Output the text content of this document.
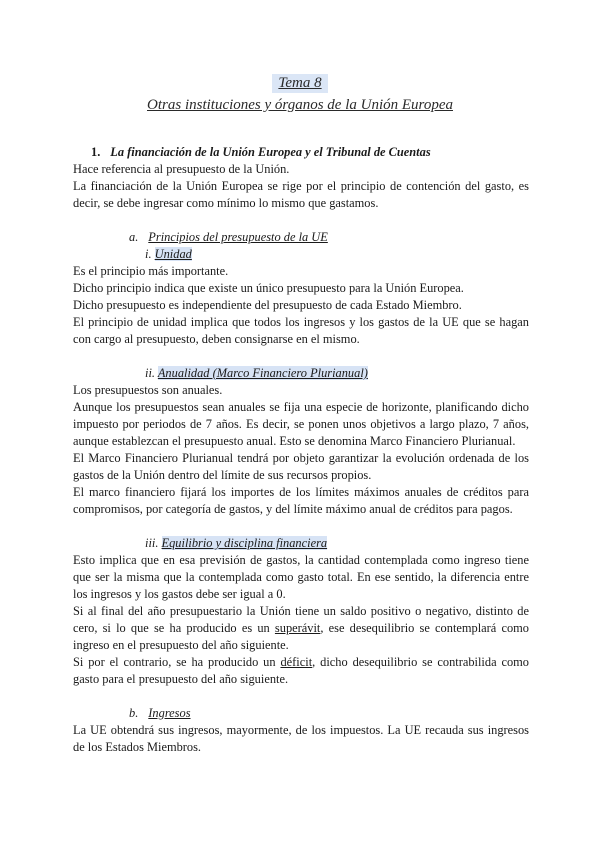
Tema 8
Otras instituciones y órganos de la Unión Europea

1. La financiación de la Unión Europea y el Tribunal de Cuentas

Hace referencia al presupuesto de la Unión.

La financiación de la Unión Europea se rige por el principio de contención del gasto, es decir, se debe ingresar como mínimo lo mismo que gastamos.

a. Principios del presupuesto de la UE

i. Unidad

Es el principio más importante.

Dicho principio indica que existe un único presupuesto para la Unión Europea.

Dicho presupuesto es independiente del presupuesto de cada Estado Miembro.

El principio de unidad implica que todos los ingresos y los gastos de la UE que se hagan con cargo al presupuesto, deben consignarse en el mismo.

ii. Anualidad (Marco Financiero Plurianual)

Los presupuestos son anuales.

Aunque los presupuestos sean anuales se fija una especie de horizonte, planificando dicho impuesto por periodos de 7 años. Es decir, se ponen unos objetivos a largo plazo, 7 años, aunque establezcan el presupuesto anual. Esto se denomina Marco Financiero Plurianual.

El Marco Financiero Plurianual tendrá por objeto garantizar la evolución ordenada de los gastos de la Unión dentro del límite de sus recursos propios.

El marco financiero fijará los importes de los límites máximos anuales de créditos para compromisos, por categoría de gastos, y del límite máximo anual de créditos para pagos.

iii. Equilibrio y disciplina financiera

Esto implica que en esa previsión de gastos, la cantidad contemplada como ingreso tiene que ser la misma que la contemplada como gasto total. En ese sentido, la diferencia entre los ingresos y los gastos debe ser igual a 0.

Si al final del año presupuestario la Unión tiene un saldo positivo o negativo, distinto de cero, si lo que se ha producido es un superávit, ese desequilibrio se contemplará como ingreso en el presupuesto del año siguiente.

Si por el contrario, se ha producido un déficit, dicho desequilibrio se contrabilida como gasto para el presupuesto del año siguiente.

b. Ingresos

La UE obtendrá sus ingresos, mayormente, de los impuestos. La UE recauda sus ingresos de los Estados Miembros.
